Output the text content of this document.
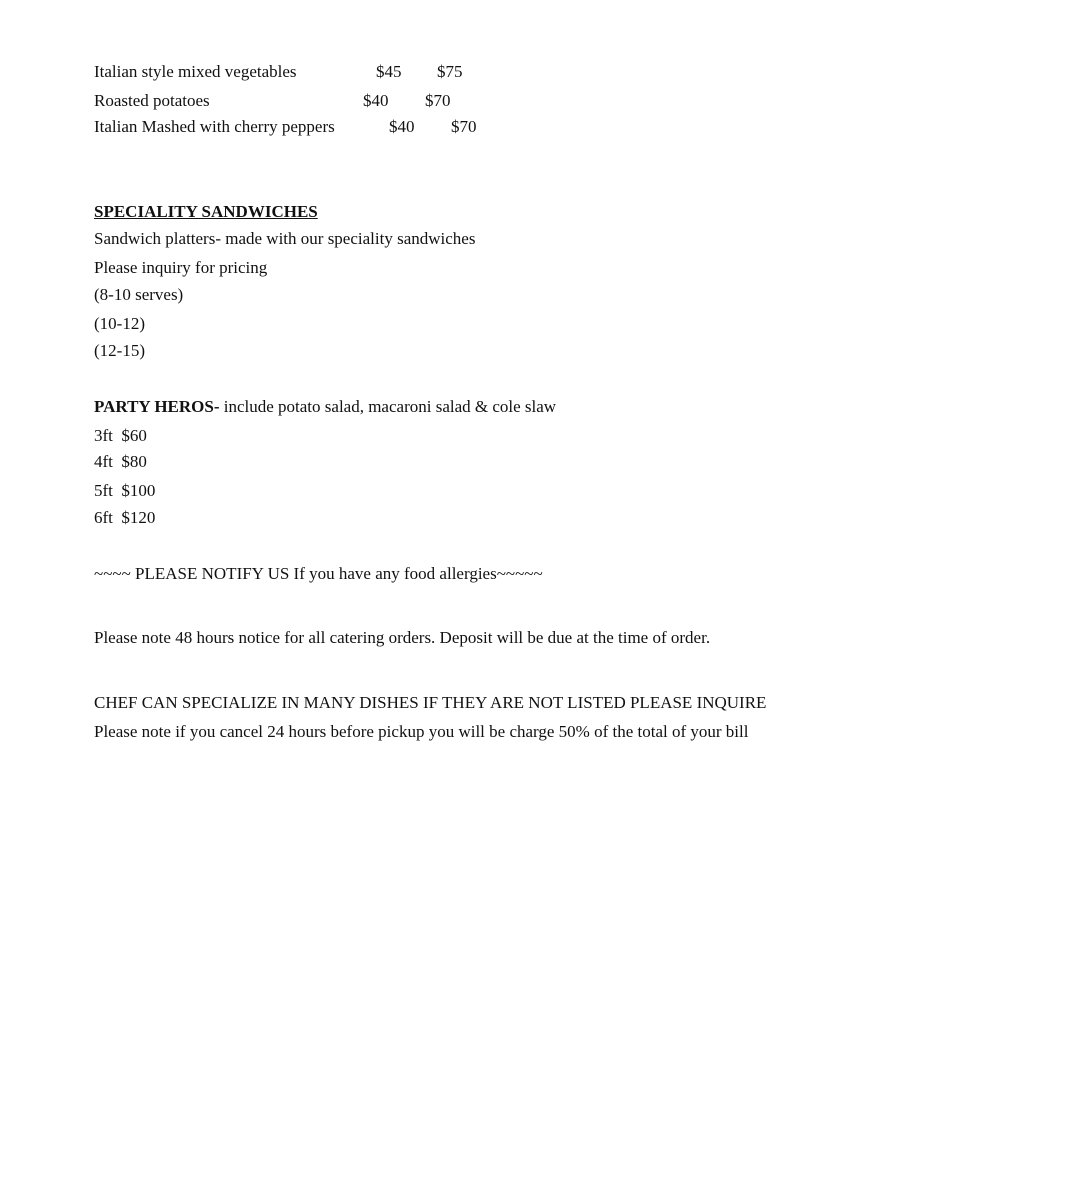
Italian style mixed vegetables	$45 $75
Roasted potatoes	$40 $70
Italian Mashed with cherry peppers	$40 $70
SPECIALITY SANDWICHES
Sandwich platters- made with our speciality sandwiches
Please inquiry for pricing
(8-10 serves)
(10-12)
(12-15)
PARTY HEROS- include potato salad, macaroni salad & cole slaw
3ft $60
4ft $80
5ft $100
6ft $120
~~~~ PLEASE NOTIFY US If you have any food allergies~~~~~
Please note 48 hours notice for all catering orders. Deposit will be due at the time of order.
CHEF CAN SPECIALIZE IN MANY DISHES IF THEY ARE NOT LISTED PLEASE INQUIRE
Please note if you cancel 24 hours before pickup you will be charge 50% of the total of your bill
